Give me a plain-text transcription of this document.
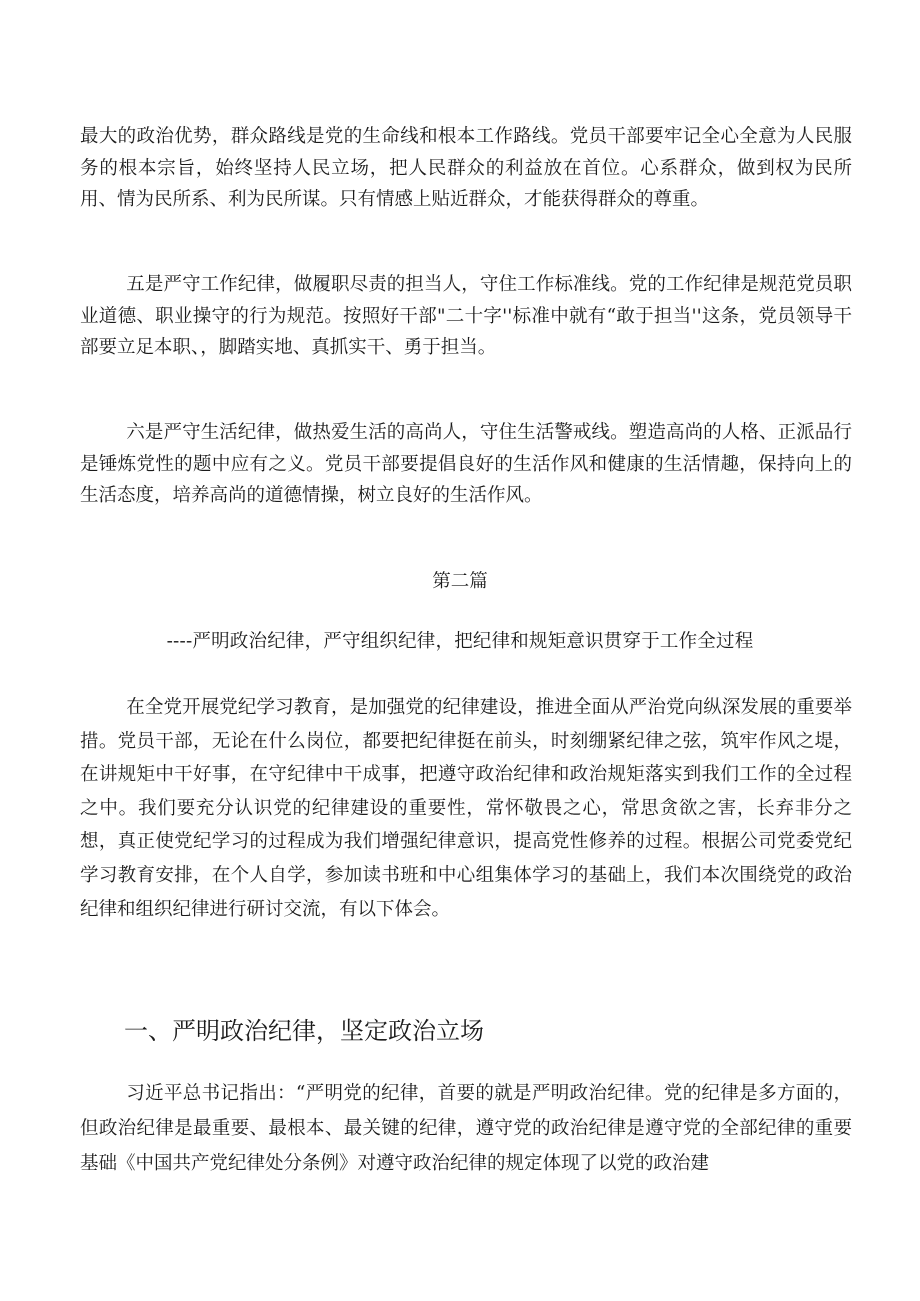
最大的政治优势，群众路线是党的生命线和根本工作路线。党员干部要牢记全心全意为人民服务的根本宗旨，始终坚持人民立场，把人民群众的利益放在首位。心系群众，做到权为民所用、情为民所系、利为民所谋。只有情感上贴近群众，才能获得群众的尊重。

五是严守工作纪律，做履职尽责的担当人，守住工作标准线。党的工作纪律是规范党员职业道德、职业操守的行为规范。按照好干部"二十字''标准中就有“敢于担当''这条，党员领导干部要立足本职、，脚踏实地、真抓实干、勇于担当。

六是严守生活纪律，做热爱生活的高尚人，守住生活警戒线。塑造高尚的人格、正派品行是锤炼党性的题中应有之义。党员干部要提倡良好的生活作风和健康的生活情趣，保持向上的生活态度，培养高尚的道德情操，树立良好的生活作风。

第二篇

----严明政治纪律，严守组织纪律，把纪律和规矩意识贯穿于工作全过程

在全党开展党纪学习教育，是加强党的纪律建设，推进全面从严治党向纵深发展的重要举措。党员干部，无论在什么岗位，都要把纪律挺在前头，时刻绷紧纪律之弦，筑牢作风之堤，在讲规矩中干好事，在守纪律中干成事，把遵守政治纪律和政治规矩落实到我们工作的全过程之中。我们要充分认识党的纪律建设的重要性，常怀敬畏之心，常思贪欲之害，长弃非分之想，真正使党纪学习的过程成为我们增强纪律意识，提高党性修养的过程。根据公司党委党纪学习教育安排，在个人自学，参加读书班和中心组集体学习的基础上，我们本次围绕党的政治纪律和组织纪律进行研讨交流，有以下体会。

一、严明政治纪律，坚定政治立场

习近平总书记指出：“严明党的纪律，首要的就是严明政治纪律。党的纪律是多方面的，但政治纪律是最重要、最根本、最关键的纪律，遵守党的政治纪律是遵守党的全部纪律的重要基础《中国共产党纪律处分条例》对遵守政治纪律的规定体现了以党的政治建
